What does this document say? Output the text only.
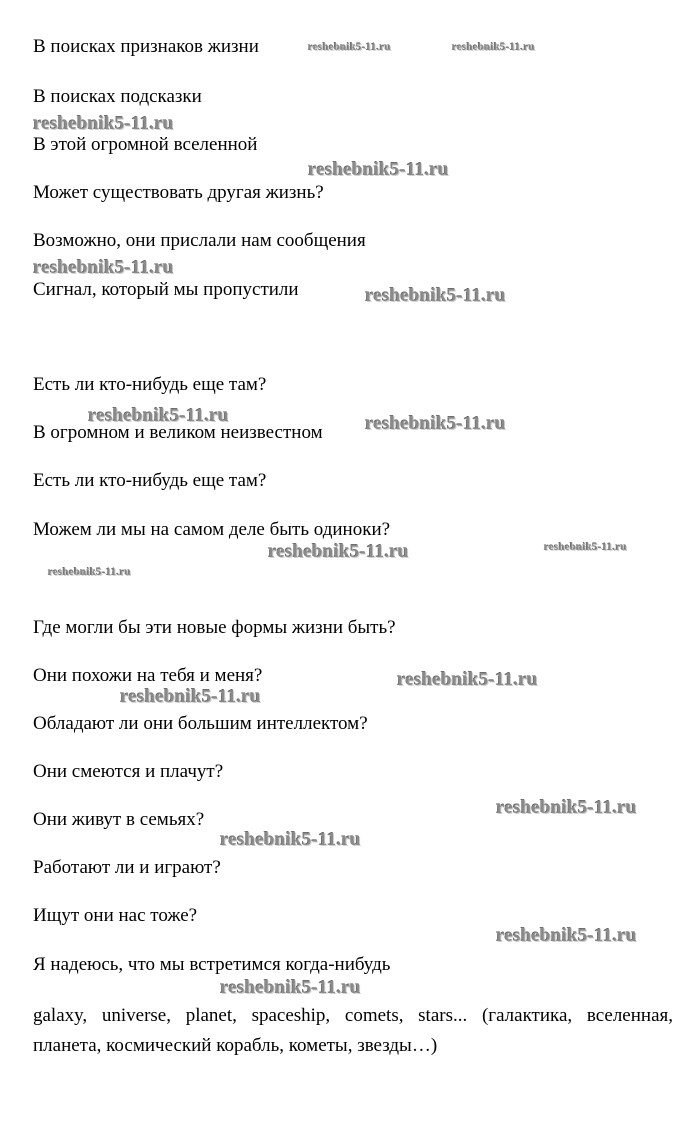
В поисках признаков жизни
В поисках подсказки
В этой огромной вселенной
Может существовать другая жизнь?
Возможно, они прислали нам сообщения
Сигнал, который мы пропустили
Есть ли кто-нибудь еще там?
В огромном и великом неизвестном
Есть ли кто-нибудь еще там?
Можем ли мы на самом деле быть одиноки?
Где могли бы эти новые формы жизни быть?
Они похожи на тебя и меня?
Обладают ли они большим интеллектом?
Они смеются и плачут?
Они живут в семьях?
Работают ли и играют?
Ищут они нас тоже?
Я надеюсь, что мы встретимся когда-нибудь
galaxy, universe, planet, spaceship, comets, stars... (галактика, вселенная, планета, космический корабль, кометы, звезды…)
reshebnik5-11.ru	reshebnik5-11.ru
reshebnik5-11.ru
reshebnik5-11.ru
reshebnik5-11.ru
reshebnik5-11.ru
reshebnik5-11.ru	reshebnik5-11.ru
reshebnik5-11.ru	reshebnik5-11.ru
reshebnik5-11.ru
reshebnik5-11.ru
reshebnik5-11.ru
reshebnik5-11.ru
reshebnik5-11.ru
reshebnik5-11.ru
reshebnik5-11.ru
